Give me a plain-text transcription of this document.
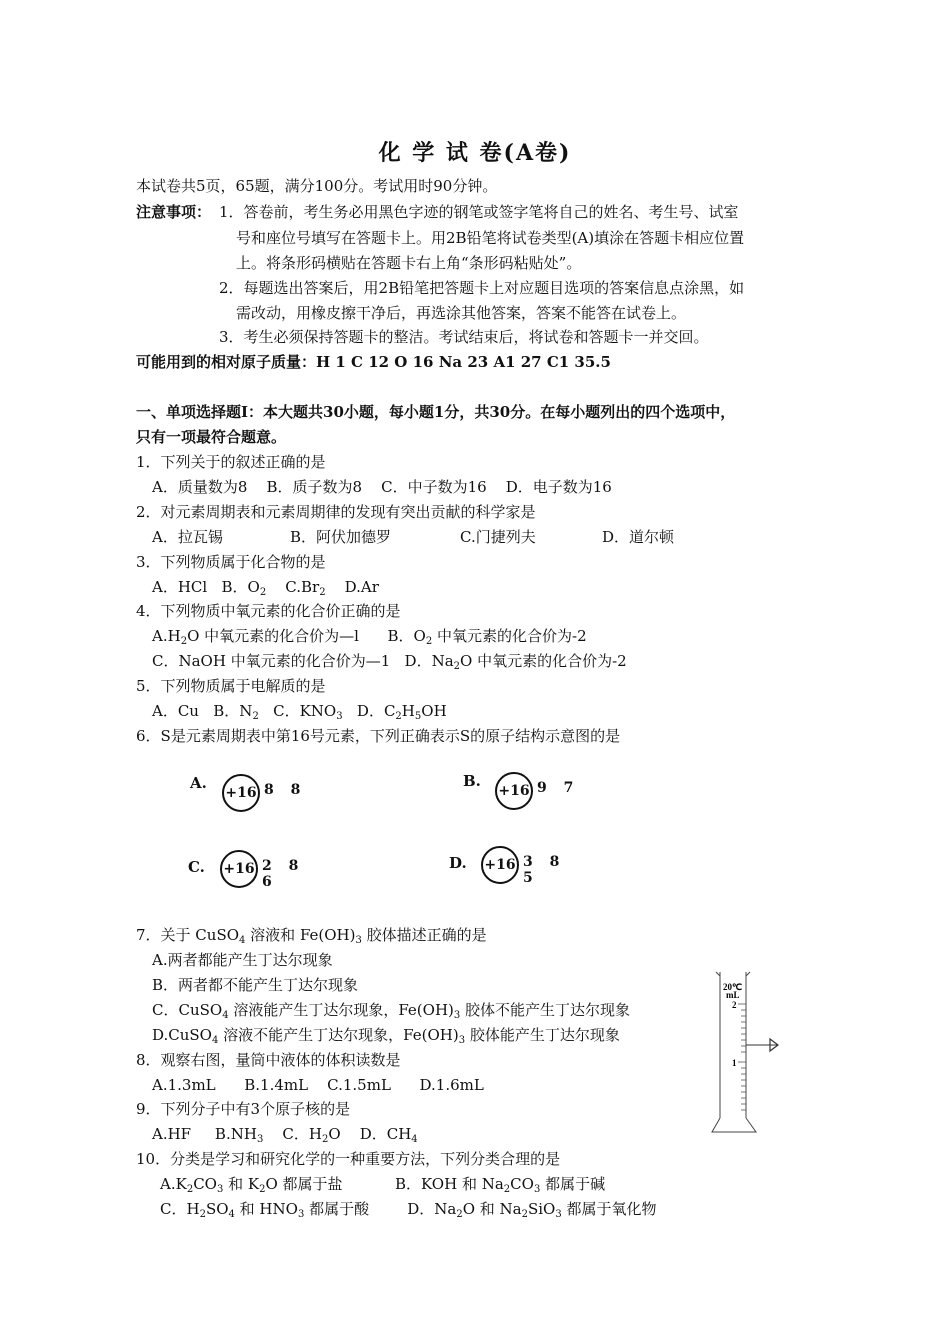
化 学 试 卷(A卷)
本试卷共5页，65题，满分100分。考试用时90分钟。
注意事项： 1．答卷前，考生务必用黑色字迹的钢笔或签字笔将自己的姓名、考生号、试室
号和座位号填写在答题卡上。用2B铅笔将试卷类型(A)填涂在答题卡相应位置
上。将条形码横贴在答题卡右上角“条形码粘贴处”。
2．每题选出答案后，用2B铅笔把答题卡上对应题目选项的答案信息点涂黑，如
需改动，用橡皮擦干净后，再选涂其他答案，答案不能答在试卷上。
3．考生必须保持答题卡的整洁。考试结束后，将试卷和答题卡一并交回。
可能用到的相对原子质量：H 1 C 12 O 16 Na 23 A1 27 C1 35.5
一、单项选择题Ⅰ：本大题共30小题，每小题1分，共30分。在每小题列出的四个选项中，
只有一项最符合题意。
1．下列关于的叙述正确的是
A．质量数为8    B．质子数为8    C．中子数为16    D．电子数为16
2．对元素周期表和元素周期律的发现有突出贡献的科学家是
A．拉瓦锡	B．阿伏加德罗	C.门捷列夫	D．道尔顿
3．下列物质属于化合物的是
A．HCl   B．$O_2$    $C.Br_2$    D.Ar
4．下列物质中氧元素的化合价正确的是
$A.H_2O$ 中氧元素的化合价为—l      B．$O_2$ 中氧元素的化合价为-2
C．NaOH 中氧元素的化合价为—1   D．$Na_2O$ 中氧元素的化合价为-2
5．下列物质属于电解质的是
A．Cu   B．$N_2$   C．$KNO_3$   D．$C_2H_5OH$
6．S是元素周期表中第16号元素，下列正确表示S的原子结构示意图的是
A.
+16 8 8	B.
+16 9 7
C. +16 2 8 6
D. +16 3 8 5
7．关于 CuSO$_4$ 溶液和 $Fe(OH)_3$ 胶体描述正确的是
A.两者都能产生丁达尔现象
B．两者都不能产生丁达尔现象
C．CuSO$_4$ 溶液能产生丁达尔现象，$Fe(OH)_3$ 胶体不能产生丁达尔现象
D.CuSO$_4$ 溶液不能产生丁达尔现象，$Fe(OH)_3$ 胶体能产生丁达尔现象
8．观察右图，量筒中液体的体积读数是
A.1.3mL      B.1.4mL    C.1.5mL      D.1.6mL
9．下列分子中有3个原子核的是
A.HF     $B.NH_3$    C．$H_2O$    D．$CH_4$
10．分类是学习和研究化学的一种重要方法，下列分类合理的是
$A.K_2CO_3$ 和 $K_2O$ 都属于盐           B．KOH 和 $Na_2CO_3$ 都属于碱
C．$H_2SO_4$ 和 $HNO_3$ 都属于酸        D．$Na_2O$ 和 $Na_2SiO_3$ 都属于氧化物
20℃
mL
2
1
